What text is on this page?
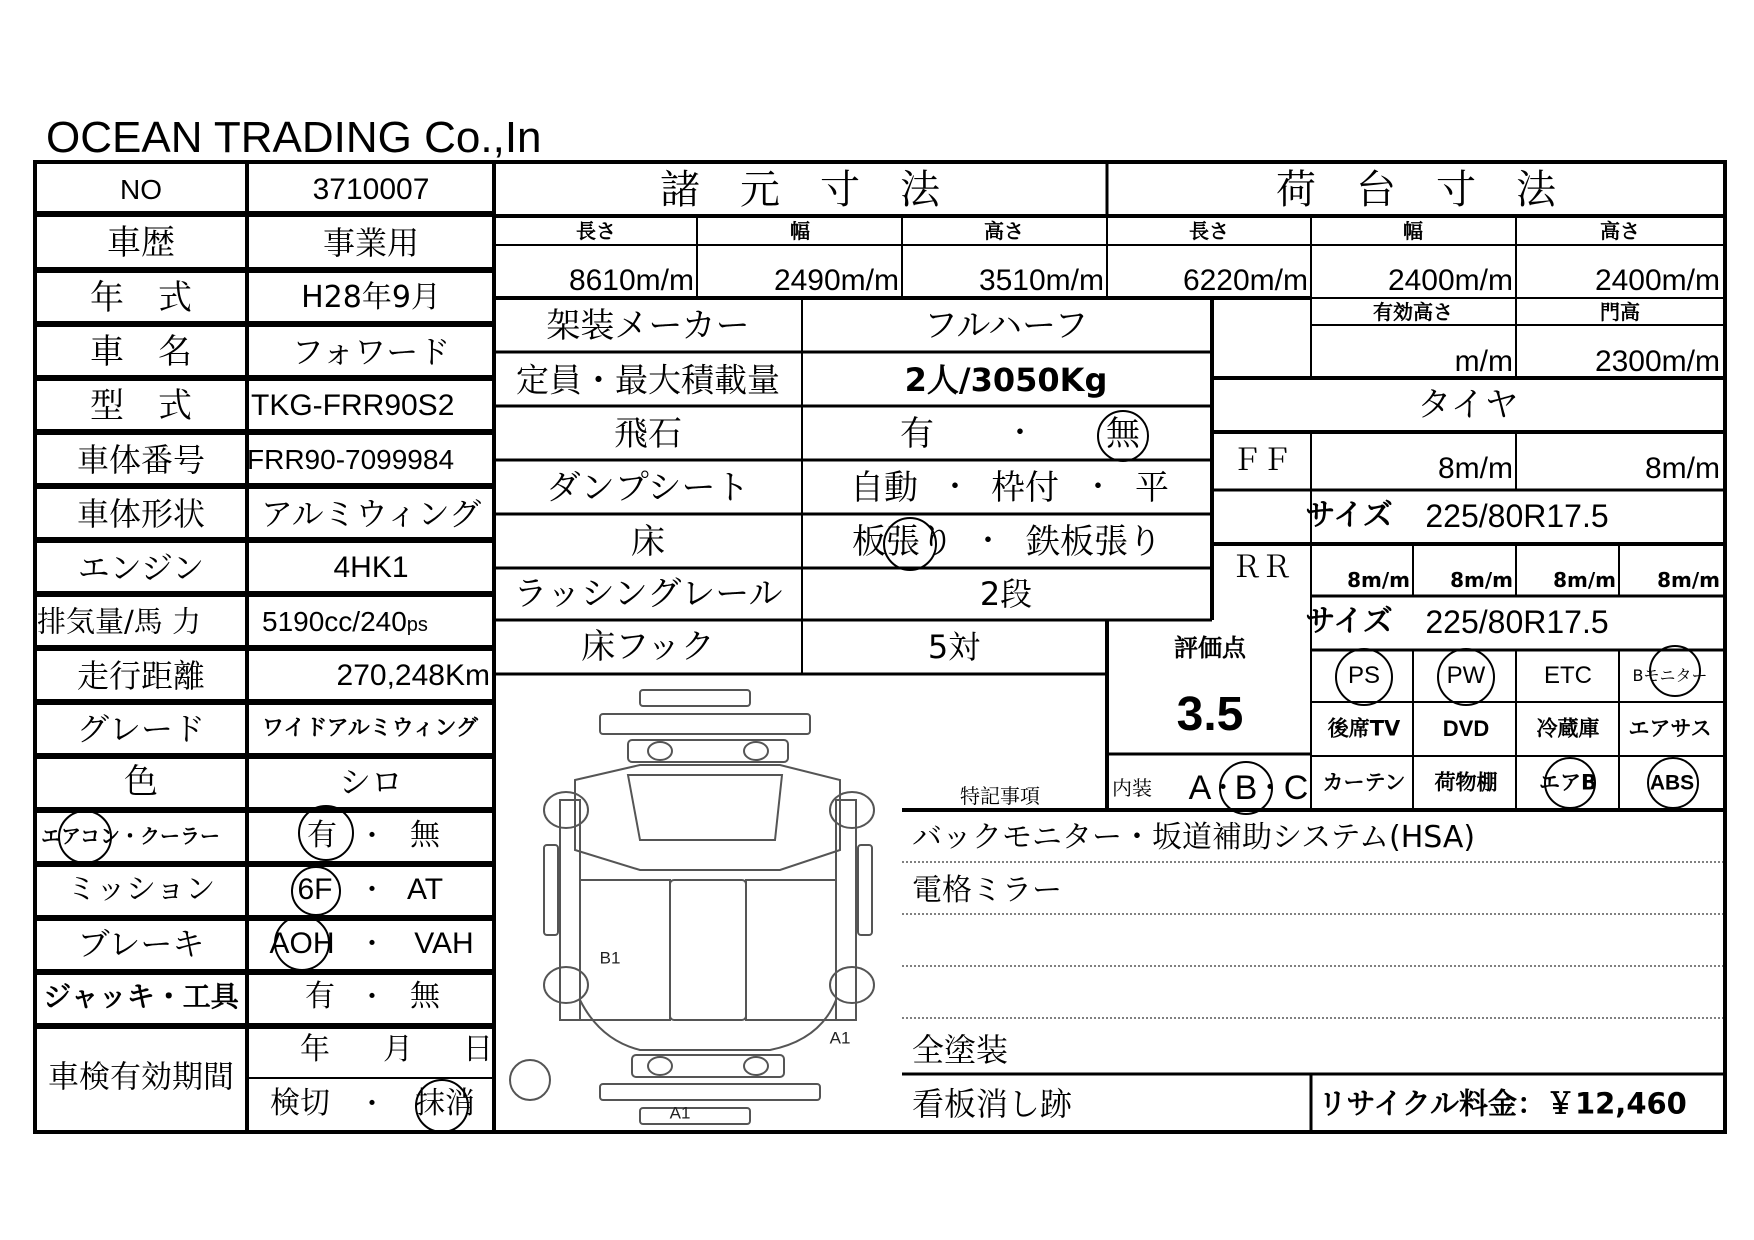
OCEAN TRADING Co.,In
NO	3710007
車歴	事業用
年　式	H28年9月
車　名	フォワード
型　式 TKG-FRR90S2
車体番号 FRR90-7099984
車体形状 アルミウィング
エンジン	4HK1
排気量/馬 力 5190cc/240ps
走行距離	270,248Km
グレード	ワイドアルミウィング
色	シロ
エアコン・クーラー	有 ・ 無
ミッション	6F ・ AT
ブレーキ AOH ・ VAH
ジャッキ・工具 有 ・ 無
車検有効期間
年 月 日
検切 ・ 抹消
諸　元　寸　法	荷　台　寸　法
長さ	幅	高さ	長さ	幅	高さ
8610m/m	2490m/m	3510m/m	6220m/m	2400m/m	2400m/m
有効高さ	門高
m/m	2300m/m
架装メーカー	フルハーフ
定員・最大積載量	2人/3050Kg
飛石	有 ・ 無
ダンプシート	自動 ・ 枠付 ・ 平
床	板張り ・ 鉄板張り
ラッシングレール	2段
床フック	5対
タイヤ
ＦＦ	8m/m	8m/m
サイズ 225/80R17.5
ＲＲ	8m/m 8m/m 8m/m 8m/m
サイズ 225/80R17.5
評価点
3.5
内装 A
・
B
・ C
PS	PW ETC	Bモニター
後席TV DVD 冷蔵庫 エアサス
カーテン 荷物棚 エアB	ABS
特記事項
バックモニター・坂道補助システム(HSA)
電格ミラー
全塗装
看板消し跡	リサイクル料金：￥12,460
B1
A1
A1
